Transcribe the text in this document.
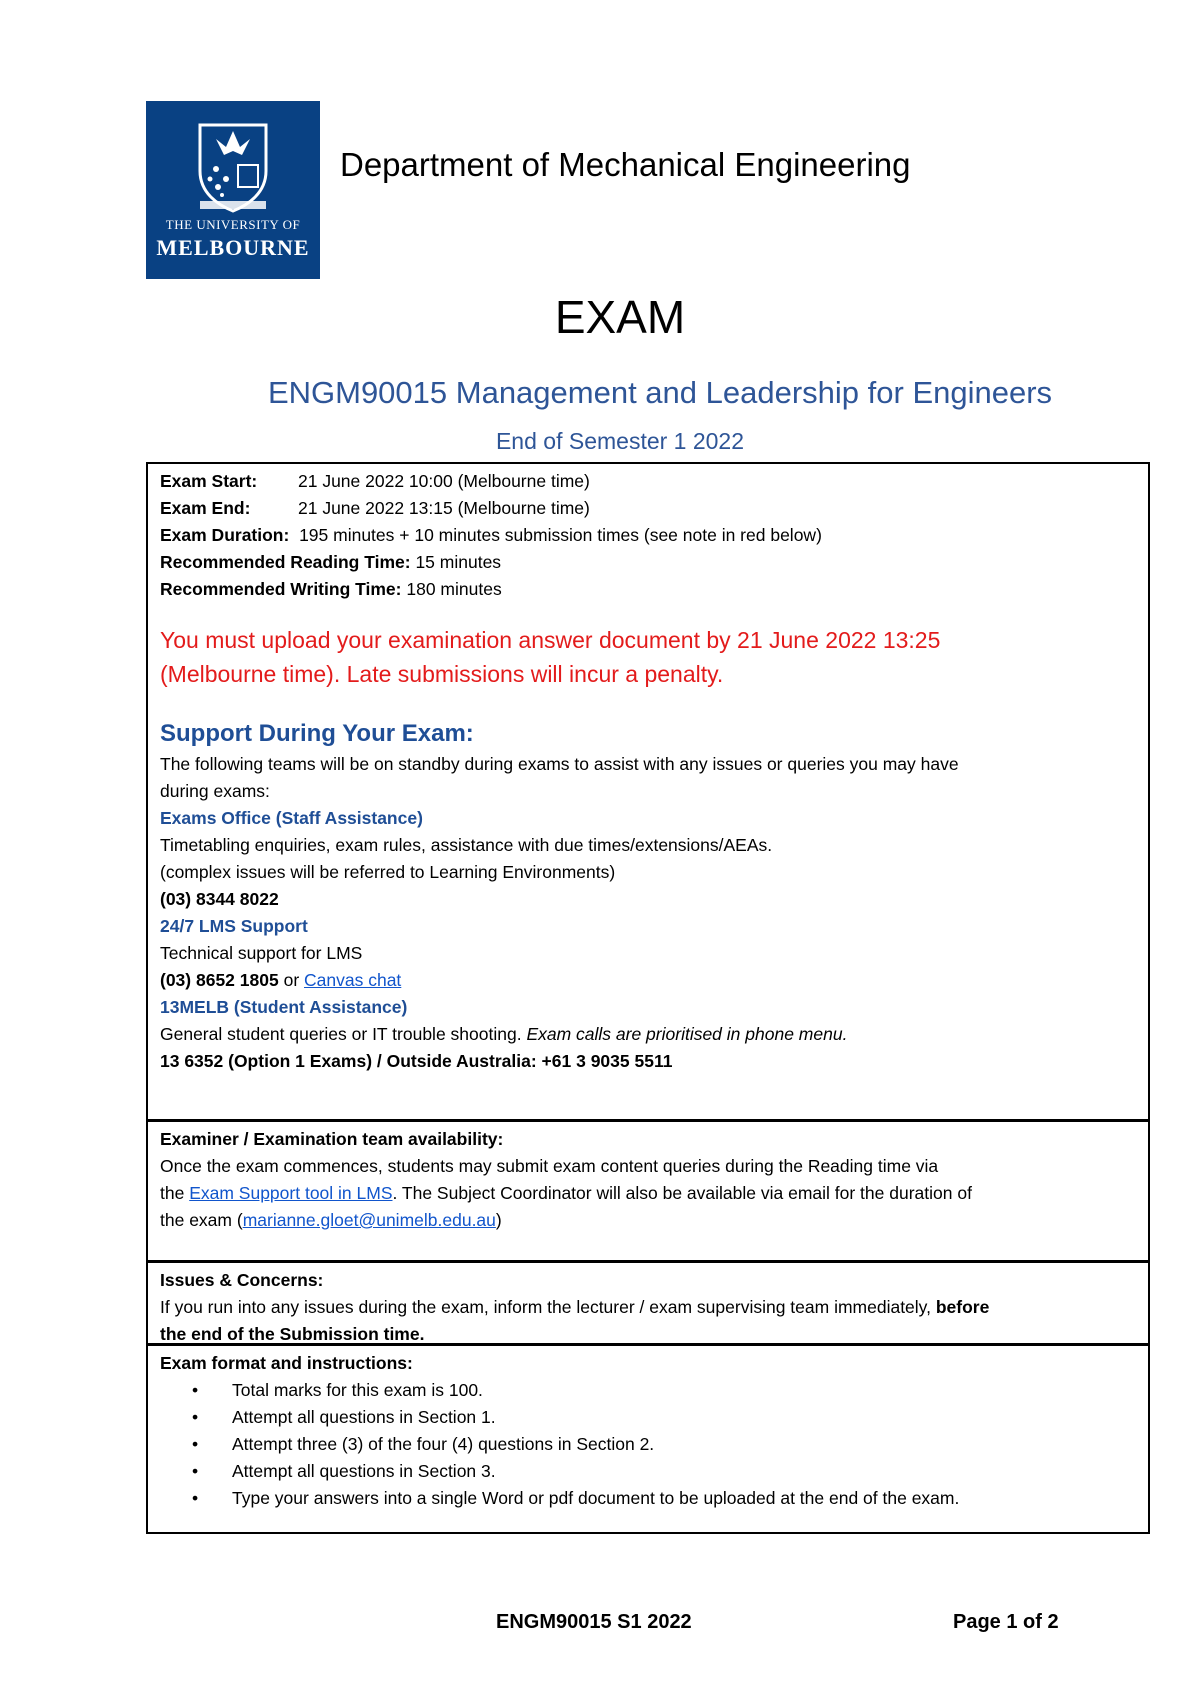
THE UNIVERSITY OF
MELBOURNE
Department of Mechanical Engineering
EXAM
ENGM90015 Management and Leadership for Engineers
End of Semester 1 2022
Exam Start: 21 June 2022 10:00 (Melbourne time)
Exam End:	21 June 2022 13:15 (Melbourne time)
Exam Duration: 195 minutes + 10 minutes submission times (see note in red below)
Recommended Reading Time: 15 minutes
Recommended Writing Time: 180 minutes
You must upload your examination answer document by 21 June 2022 13:25
(Melbourne time). Late submissions will incur a penalty.
Support During Your Exam:
The following teams will be on standby during exams to assist with any issues or queries you may have
during exams:
Exams Office (Staff Assistance)
Timetabling enquiries, exam rules, assistance with due times/extensions/AEAs.
(complex issues will be referred to Learning Environments)
(03) 8344 8022
24/7 LMS Support
Technical support for LMS
(03) 8652 1805 or Canvas chat
13MELB (Student Assistance)
General student queries or IT trouble shooting. Exam calls are prioritised in phone menu.
13 6352 (Option 1 Exams) / Outside Australia: +61 3 9035 5511
Examiner / Examination team availability:
Once the exam commences, students may submit exam content queries during the Reading time via
the Exam Support tool in LMS. The Subject Coordinator will also be available via email for the duration of
the exam (marianne.gloet@unimelb.edu.au)
Issues & Concerns:
If you run into any issues during the exam, inform the lecturer / exam supervising team immediately, before
the end of the Submission time.
Exam format and instructions:
• Total marks for this exam is 100.
• Attempt all questions in Section 1.
• Attempt three (3) of the four (4) questions in Section 2.
• Attempt all questions in Section 3.
• Type your answers into a single Word or pdf document to be uploaded at the end of the exam.
ENGM90015 S1 2022	Page 1 of 2
